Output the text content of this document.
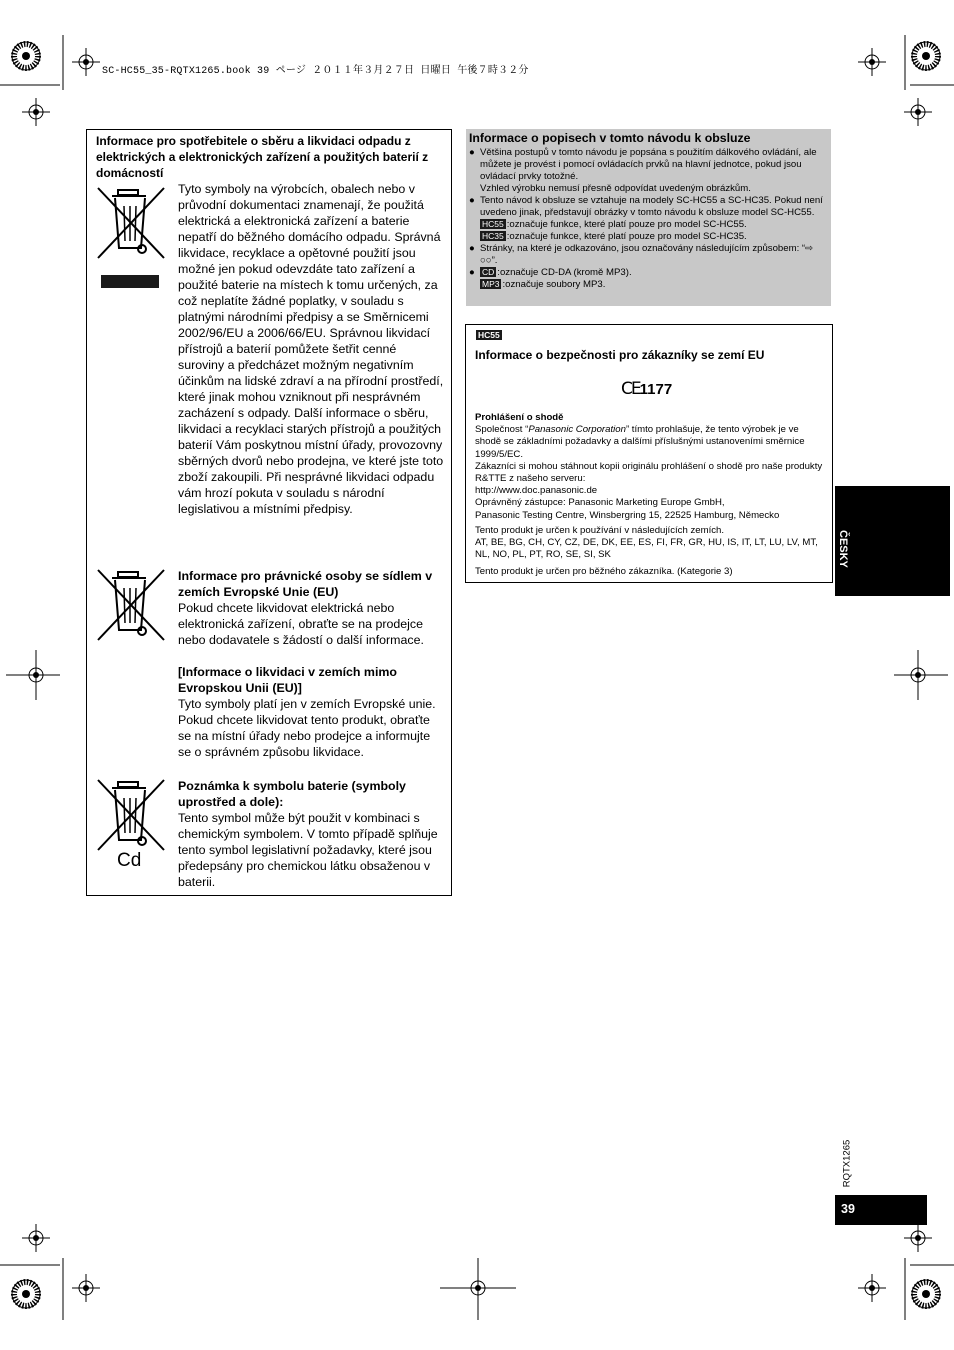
SC-HC55_35-RQTX1265.book 39 ページ ２０１１年３月２７日 日曜日 午後７時３２分
Informace pro spotřebitele o sběru a likvidaci odpadu z elektrických a elektronických zařízení a použitých baterií z domácností
Tyto symboly na výrobcích, obalech nebo v průvodní dokumentaci znamenají, že použitá elektrická a elektronická zařízení a baterie nepatří do běžného domácího odpadu. Správná likvidace, recyklace a opětovné použití jsou možné jen pokud odevzdáte tato zařízení a použité baterie na místech k tomu určených, za což neplatíte žádné poplatky, v souladu s platnými národními předpisy a se Směrnicemi 2002/96/EU a 2006/66/EU. Správnou likvidací přístrojů a baterií pomůžete šetřit cenné suroviny a předcházet možným negativním účinkům na lidské zdraví a na přírodní prostředí, které jinak mohou vzniknout při nesprávném zacházení s odpady. Další informace o sběru, likvidaci a recyklaci starých přístrojů a použitých baterií Vám poskytnou místní úřady, provozovny sběrných dvorů nebo prodejna, ve které jste toto zboží zakoupili. Při nesprávné likvidaci odpadu vám hrozí pokuta v souladu s národní legislativou a místními předpisy.

Informace pro právnické osoby se sídlem v zemích Evropské Unie (EU)

Pokud chcete likvidovat elektrická nebo elektronická zařízení, obraťte se na prodejce nebo dodavatele s žádostí o další informace.

[Informace o likvidaci v zemích mimo Evropskou Unii (EU)]

Tyto symboly platí jen v zemích Evropské unie. Pokud chcete likvidovat tento produkt, obraťte se na místní úřady nebo prodejce a informujte se o správném způsobu likvidace.

Cd

Poznámka k symbolu baterie (symboly uprostřed a dole):

Tento symbol může být použit v kombinaci s chemickým symbolem. V tomto případě splňuje tento symbol legislativní požadavky, které jsou předepsány pro chemickou látku obsaženou v baterii.

Informace o popisech v tomto návodu k obsluze
● Většina postupů v tomto návodu je popsána s použitím dálkového ovládání, ale můžete je provést i pomocí ovládacích prvků na hlavní jednotce, pokud jsou ovládací prvky totožné.
Vzhled výrobku nemusí přesně odpovídat uvedeným obrázkům.
● Tento návod k obsluze se vztahuje na modely SC-HC55 a SC-HC35. Pokud není uvedeno jinak, představují obrázky v tomto návodu k obsluze model SC-HC55.
HC55 :označuje funkce, které platí pouze pro model SC-HC55.
HC35 :označuje funkce, které platí pouze pro model SC-HC35.
● Stránky, na které je odkazováno, jsou označovány následujícím způsobem: “⇨ ○○”.
● CD :označuje CD-DA (kromě MP3).
MP3 :označuje soubory MP3.
HC55
Informace o bezpečnosti pro zákazníky se zemí EU
CE1177

Prohlášení o shodě

Společnost “Panasonic Corporation” tímto prohlašuje, že tento výrobek je ve shodě se základními požadavky a dalšími příslušnými ustanoveními směrnice 1999/5/EC.

Zákazníci si mohou stáhnout kopii originálu prohlášení o shodě pro naše produkty R&TTE z našeho serveru:

http://www.doc.panasonic.de

Oprávněný zástupce: Panasonic Marketing Europe GmbH,

Panasonic Testing Centre, Winsbergring 15, 22525 Hamburg, Německo

Tento produkt je určen k používání v následujících zemích.

AT, BE, BG, CH, CY, CZ, DE, DK, EE, ES, FI, FR, GR, HU, IS, IT, LT, LU, LV, MT, NL, NO, PL, PT, RO, SE, SI, SK

Tento produkt je určen pro běžného zákazníka. (Kategorie 3)

ČESKY
RQTX1265
39
